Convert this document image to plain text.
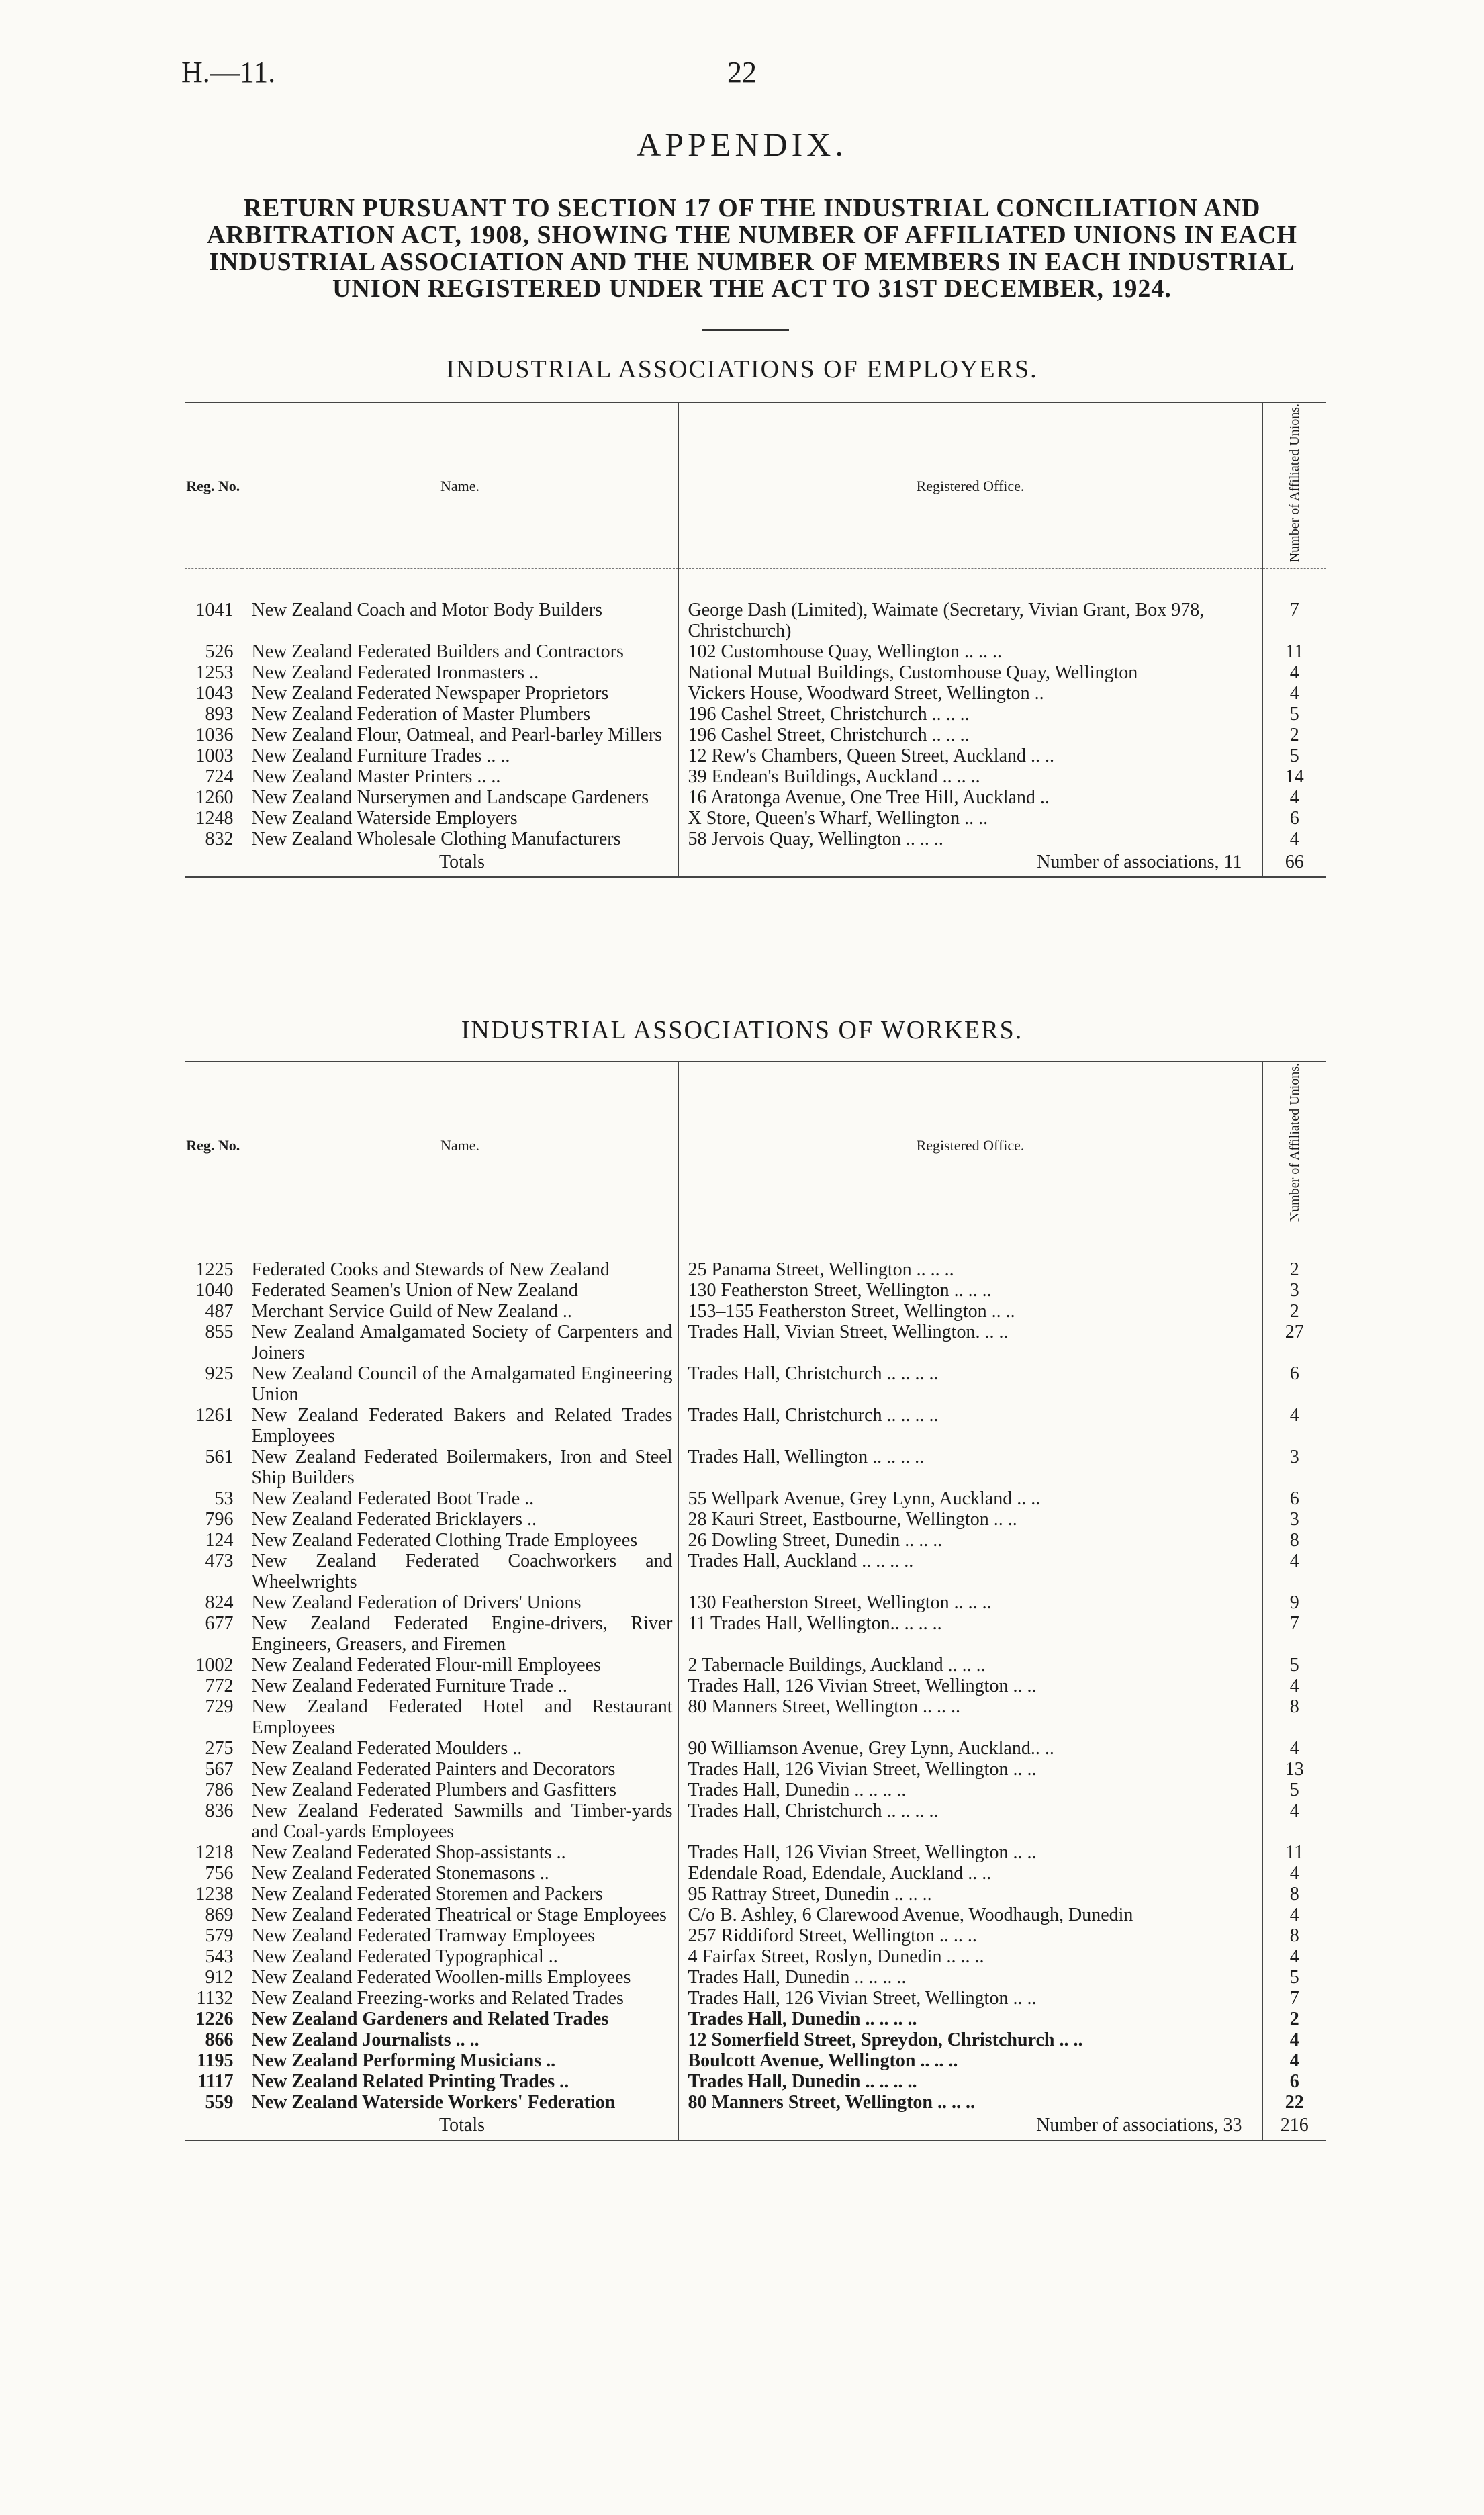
H.—11.	22
APPENDIX.
RETURN PURSUANT TO SECTION 17 OF THE INDUSTRIAL CONCILIATION AND ARBITRATION ACT, 1908, SHOWING THE NUMBER OF AFFILIATED UNIONS IN EACH INDUSTRIAL ASSOCIATION AND THE NUMBER OF MEMBERS IN EACH INDUSTRIAL UNION REGISTERED UNDER THE ACT TO 31ST DECEMBER, 1924.
INDUSTRIAL ASSOCIATIONS OF EMPLOYERS.
Reg. No.	Name.	Registered Office.	Number of Affiliated Unions.

1041	New Zealand Coach and Motor Body Builders	George Dash (Limited), Waimate (Secretary, Vivian Grant, Box 978, Christchurch)	7
526	New Zealand Federated Builders and Contractors	102 Customhouse Quay, Wellington .. .. ..	11
1253	New Zealand Federated Ironmasters ..	National Mutual Buildings, Customhouse Quay, Wellington	4
1043	New Zealand Federated Newspaper Proprietors	Vickers House, Woodward Street, Wellington ..	4
893	New Zealand Federation of Master Plumbers	196 Cashel Street, Christchurch .. .. ..	5
1036	New Zealand Flour, Oatmeal, and Pearl-barley Millers	196 Cashel Street, Christchurch .. .. ..	2
1003	New Zealand Furniture Trades .. ..	12 Rew's Chambers, Queen Street, Auckland .. ..	5
724	New Zealand Master Printers .. ..	39 Endean's Buildings, Auckland .. .. ..	14
1260	New Zealand Nurserymen and Landscape Gardeners	16 Aratonga Avenue, One Tree Hill, Auckland ..	4
1248	New Zealand Waterside Employers	X Store, Queen's Wharf, Wellington .. ..	6
832	New Zealand Wholesale Clothing Manufacturers	58 Jervois Quay, Wellington .. .. ..	4
	Totals	Number of associations, 11	66
INDUSTRIAL ASSOCIATIONS OF WORKERS.
Reg. No.	Name.	Registered Office.	Number of Affiliated Unions.

1225	Federated Cooks and Stewards of New Zealand	25 Panama Street, Wellington .. .. ..	2
1040	Federated Seamen's Union of New Zealand	130 Featherston Street, Wellington .. .. ..	3
487	Merchant Service Guild of New Zealand ..	153–155 Featherston Street, Wellington .. ..	2
855	New Zealand Amalgamated Society of Carpenters and Joiners	Trades Hall, Vivian Street, Wellington. .. ..	27
925	New Zealand Council of the Amalgamated Engineering Union	Trades Hall, Christchurch .. .. .. ..	6
1261	New Zealand Federated Bakers and Related Trades Employees	Trades Hall, Christchurch .. .. .. ..	4
561	New Zealand Federated Boilermakers, Iron and Steel Ship Builders	Trades Hall, Wellington .. .. .. ..	3
53	New Zealand Federated Boot Trade ..	55 Wellpark Avenue, Grey Lynn, Auckland .. ..	6
796	New Zealand Federated Bricklayers ..	28 Kauri Street, Eastbourne, Wellington .. ..	3
124	New Zealand Federated Clothing Trade Employees	26 Dowling Street, Dunedin .. .. ..	8
473	New Zealand Federated Coachworkers and Wheelwrights	Trades Hall, Auckland .. .. .. ..	4
824	New Zealand Federation of Drivers' Unions	130 Featherston Street, Wellington .. .. ..	9
677	New Zealand Federated Engine-drivers, River Engineers, Greasers, and Firemen	11 Trades Hall, Wellington.. .. .. ..	7
1002	New Zealand Federated Flour-mill Employees	2 Tabernacle Buildings, Auckland .. .. ..	5
772	New Zealand Federated Furniture Trade ..	Trades Hall, 126 Vivian Street, Wellington .. ..	4
729	New Zealand Federated Hotel and Restaurant Employees	80 Manners Street, Wellington .. .. ..	8
275	New Zealand Federated Moulders ..	90 Williamson Avenue, Grey Lynn, Auckland.. ..	4
567	New Zealand Federated Painters and Decorators	Trades Hall, 126 Vivian Street, Wellington .. ..	13
786	New Zealand Federated Plumbers and Gasfitters	Trades Hall, Dunedin .. .. .. ..	5
836	New Zealand Federated Sawmills and Timber-yards and Coal-yards Employees	Trades Hall, Christchurch .. .. .. ..	4
1218	New Zealand Federated Shop-assistants ..	Trades Hall, 126 Vivian Street, Wellington .. ..	11
756	New Zealand Federated Stonemasons ..	Edendale Road, Edendale, Auckland .. ..	4
1238	New Zealand Federated Storemen and Packers	95 Rattray Street, Dunedin .. .. ..	8
869	New Zealand Federated Theatrical or Stage Employees	C/o B. Ashley, 6 Clarewood Avenue, Woodhaugh, Dunedin	4
579	New Zealand Federated Tramway Employees	257 Riddiford Street, Wellington .. .. ..	8
543	New Zealand Federated Typographical ..	4 Fairfax Street, Roslyn, Dunedin .. .. ..	4
912	New Zealand Federated Woollen-mills Employees	Trades Hall, Dunedin .. .. .. ..	5
1132	New Zealand Freezing-works and Related Trades	Trades Hall, 126 Vivian Street, Wellington .. ..	7
1226	New Zealand Gardeners and Related Trades	Trades Hall, Dunedin .. .. .. ..	2
866	New Zealand Journalists .. ..	12 Somerfield Street, Spreydon, Christchurch .. ..	4
1195	New Zealand Performing Musicians ..	Boulcott Avenue, Wellington .. .. ..	4
1117	New Zealand Related Printing Trades ..	Trades Hall, Dunedin .. .. .. ..	6
559	New Zealand Waterside Workers' Federation	80 Manners Street, Wellington .. .. ..	22
	Totals	Number of associations, 33	216
